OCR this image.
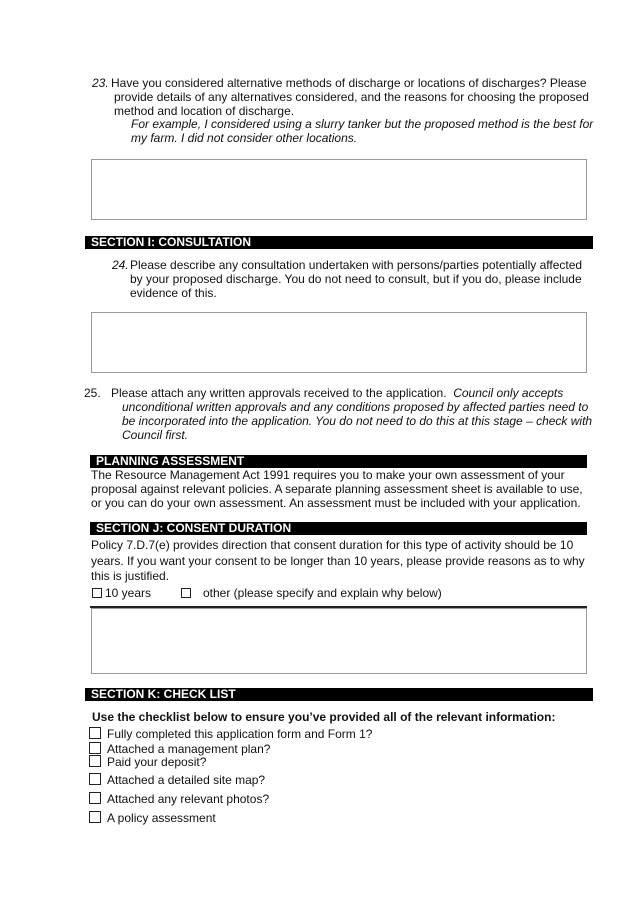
23. Have you considered alternative methods of discharge or locations of discharges? Please
provide details of any alternatives considered, and the reasons for choosing the proposed
method and location of discharge.
For example, I considered using a slurry tanker but the proposed method is the best for
my farm. I did not consider other locations.
SECTION I: CONSULTATION
24. Please describe any consultation undertaken with persons/parties potentially affected
by your proposed discharge. You do not need to consult, but if you do, please include
evidence of this.
25. Please attach any written approvals received to the application. Council only accepts
unconditional written approvals and any conditions proposed by affected parties need to
be incorporated into the application. You do not need to do this at this stage – check with
Council first.
PLANNING ASSESSMENT
The Resource Management Act 1991 requires you to make your own assessment of your
proposal against relevant policies. A separate planning assessment sheet is available to use,
or you can do your own assessment. An assessment must be included with your application.
SECTION J: CONSENT DURATION
Policy 7.D.7(e) provides direction that consent duration for this type of activity should be 10
years. If you want your consent to be longer than 10 years, please provide reasons as to why
this is justified.
10 years	other (please specify and explain why below)
SECTION K: CHECK LIST
Use the checklist below to ensure you’ve provided all of the relevant information:
Fully completed this application form and Form 1?
Attached a management plan?
Paid your deposit?
Attached a detailed site map?
Attached any relevant photos?
A policy assessment
